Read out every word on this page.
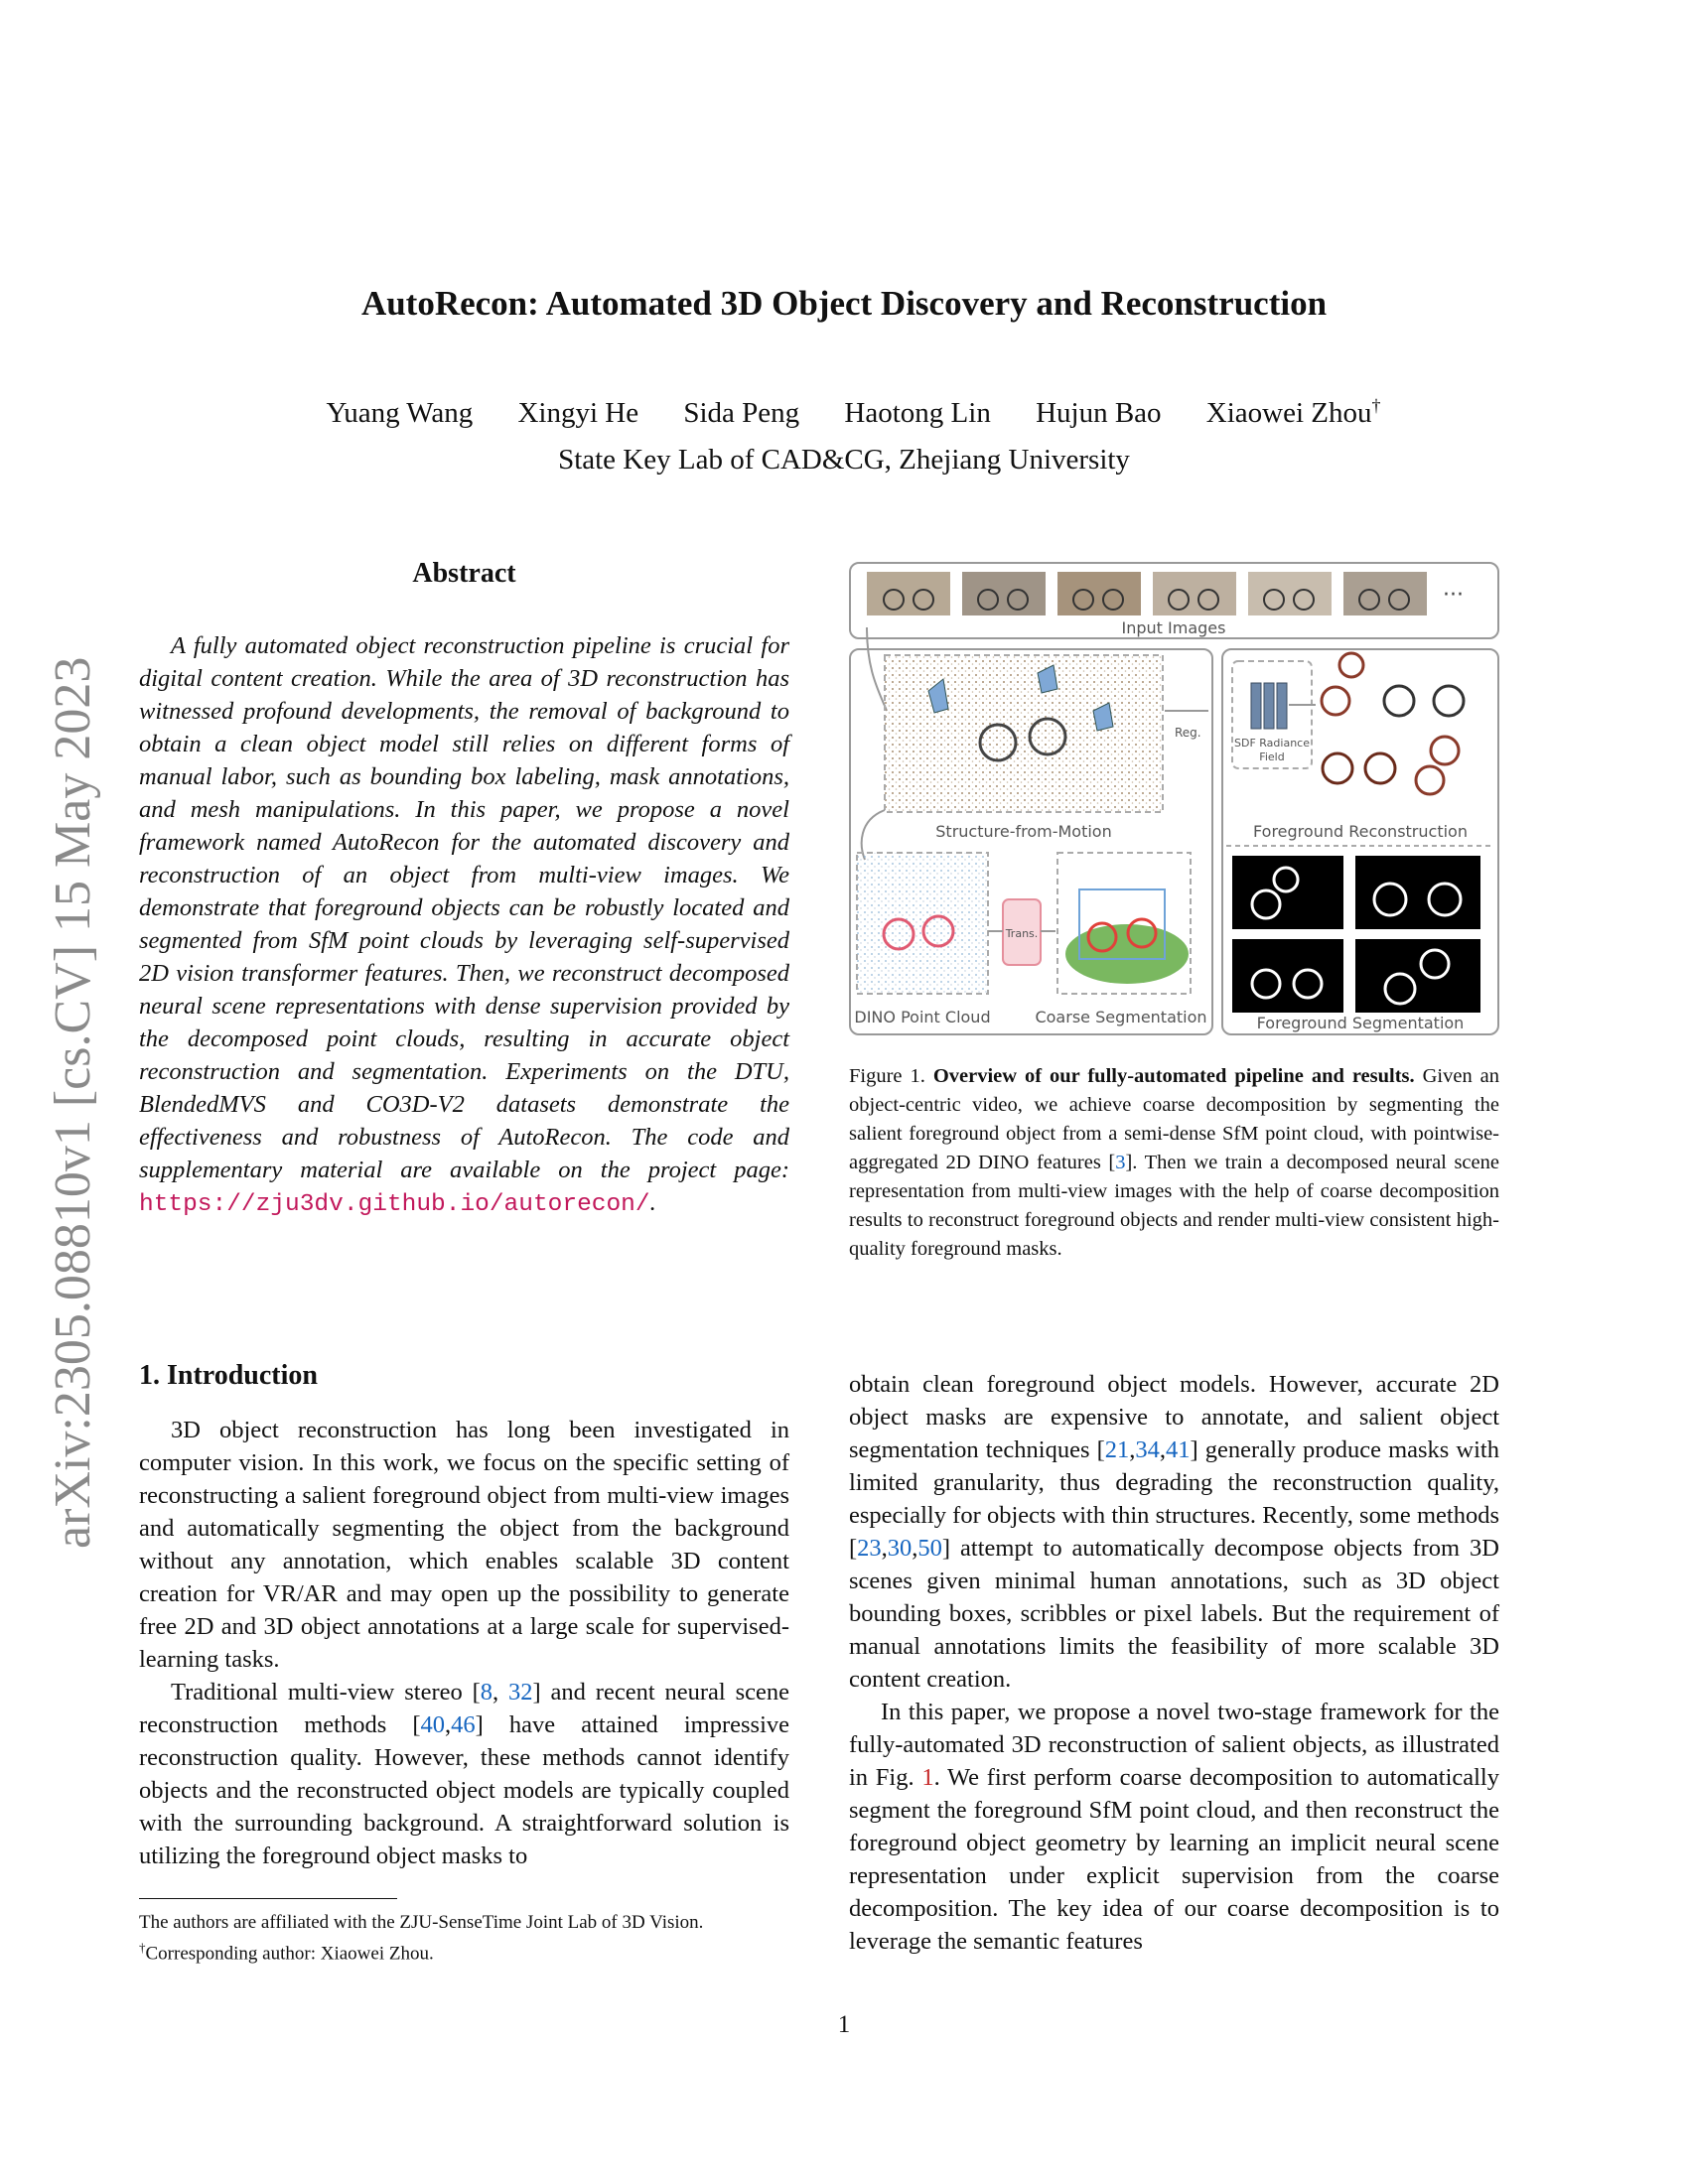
arXiv:2305.08810v1 [cs.CV] 15 May 2023
AutoRecon: Automated 3D Object Discovery and Reconstruction
Yuang Wang Xingyi He Sida Peng Haotong Lin Hujun Bao Xiaowei Zhou†
State Key Lab of CAD&CG, Zhejiang University
Abstract
A fully automated object reconstruction pipeline is crucial for digital content creation. While the area of 3D reconstruction has witnessed profound developments, the removal of background to obtain a clean object model still relies on different forms of manual labor, such as bounding box labeling, mask annotations, and mesh manipulations. In this paper, we propose a novel framework named AutoRecon for the automated discovery and reconstruction of an object from multi-view images. We demonstrate that foreground objects can be robustly located and segmented from SfM point clouds by leveraging self-supervised 2D vision transformer features. Then, we reconstruct decomposed neural scene representations with dense supervision provided by the decomposed point clouds, resulting in accurate object reconstruction and segmentation. Experiments on the DTU, BlendedMVS and CO3D-V2 datasets demonstrate the effectiveness and robustness of AutoRecon. The code and supplementary material are available on the project page: https://zju3dv.github.io/autorecon/.
···
Input Images
Structure-from-Motion
Reg.
DINO Point Cloud
Trans.
Coarse Segmentation
SDF Radiance
Field
Foreground Reconstruction
Foreground Segmentation
Figure 1. Overview of our fully-automated pipeline and results. Given an object-centric video, we achieve coarse decomposition by segmenting the salient foreground object from a semi-dense SfM point cloud, with pointwise-aggregated 2D DINO features [3]. Then we train a decomposed neural scene representation from multi-view images with the help of coarse decomposition results to reconstruct foreground objects and render multi-view consistent high-quality foreground masks.
1. Introduction

3D object reconstruction has long been investigated in computer vision. In this work, we focus on the specific setting of reconstructing a salient foreground object from multi-view images and automatically segmenting the object from the background without any annotation, which enables scalable 3D content creation for VR/AR and may open up the possibility to generate free 2D and 3D object annotations at a large scale for supervised-learning tasks.

Traditional multi-view stereo [8, 32] and recent neural scene reconstruction methods [40,46] have attained impressive reconstruction quality. However, these methods cannot identify objects and the reconstructed object models are typically coupled with the surrounding background. A straightforward solution is utilizing the foreground object masks to

obtain clean foreground object models. However, accurate 2D object masks are expensive to annotate, and salient object segmentation techniques [21,34,41] generally produce masks with limited granularity, thus degrading the reconstruction quality, especially for objects with thin structures. Recently, some methods [23,30,50] attempt to automatically decompose objects from 3D scenes given minimal human annotations, such as 3D object bounding boxes, scribbles or pixel labels. But the requirement of manual annotations limits the feasibility of more scalable 3D content creation.

In this paper, we propose a novel two-stage framework for the fully-automated 3D reconstruction of salient objects, as illustrated in Fig. 1. We first perform coarse decomposition to automatically segment the foreground SfM point cloud, and then reconstruct the foreground object geometry by learning an implicit neural scene representation under explicit supervision from the coarse decomposition. The key idea of our coarse decomposition is to leverage the semantic features

The authors are affiliated with the ZJU-SenseTime Joint Lab of 3D Vision.
†Corresponding author: Xiaowei Zhou.
1
